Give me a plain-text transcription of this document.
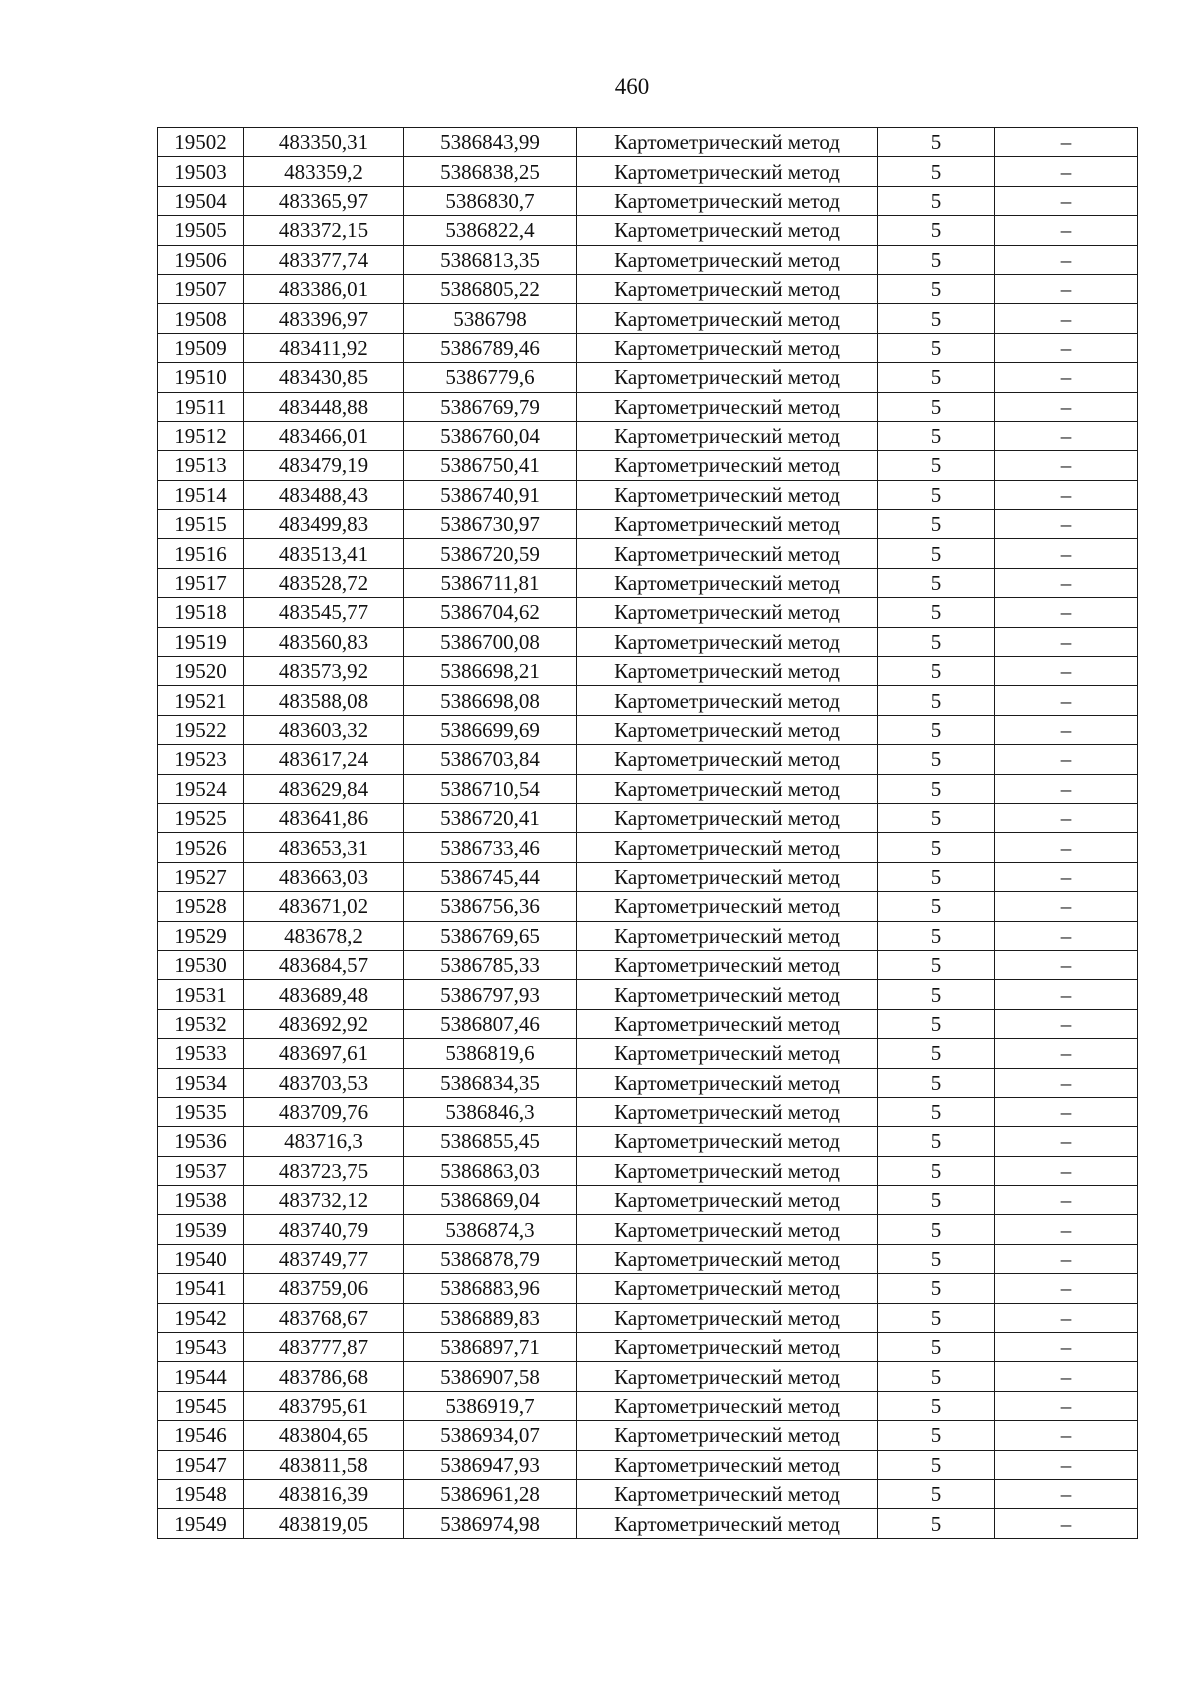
460
19502	483350,31	5386843,99	Картометрический метод	5	–
19503	483359,2	5386838,25	Картометрический метод	5	–
19504	483365,97	5386830,7	Картометрический метод	5	–
19505	483372,15	5386822,4	Картометрический метод	5	–
19506	483377,74	5386813,35	Картометрический метод	5	–
19507	483386,01	5386805,22	Картометрический метод	5	–
19508	483396,97	5386798	Картометрический метод	5	–
19509	483411,92	5386789,46	Картометрический метод	5	–
19510	483430,85	5386779,6	Картометрический метод	5	–
19511	483448,88	5386769,79	Картометрический метод	5	–
19512	483466,01	5386760,04	Картометрический метод	5	–
19513	483479,19	5386750,41	Картометрический метод	5	–
19514	483488,43	5386740,91	Картометрический метод	5	–
19515	483499,83	5386730,97	Картометрический метод	5	–
19516	483513,41	5386720,59	Картометрический метод	5	–
19517	483528,72	5386711,81	Картометрический метод	5	–
19518	483545,77	5386704,62	Картометрический метод	5	–
19519	483560,83	5386700,08	Картометрический метод	5	–
19520	483573,92	5386698,21	Картометрический метод	5	–
19521	483588,08	5386698,08	Картометрический метод	5	–
19522	483603,32	5386699,69	Картометрический метод	5	–
19523	483617,24	5386703,84	Картометрический метод	5	–
19524	483629,84	5386710,54	Картометрический метод	5	–
19525	483641,86	5386720,41	Картометрический метод	5	–
19526	483653,31	5386733,46	Картометрический метод	5	–
19527	483663,03	5386745,44	Картометрический метод	5	–
19528	483671,02	5386756,36	Картометрический метод	5	–
19529	483678,2	5386769,65	Картометрический метод	5	–
19530	483684,57	5386785,33	Картометрический метод	5	–
19531	483689,48	5386797,93	Картометрический метод	5	–
19532	483692,92	5386807,46	Картометрический метод	5	–
19533	483697,61	5386819,6	Картометрический метод	5	–
19534	483703,53	5386834,35	Картометрический метод	5	–
19535	483709,76	5386846,3	Картометрический метод	5	–
19536	483716,3	5386855,45	Картометрический метод	5	–
19537	483723,75	5386863,03	Картометрический метод	5	–
19538	483732,12	5386869,04	Картометрический метод	5	–
19539	483740,79	5386874,3	Картометрический метод	5	–
19540	483749,77	5386878,79	Картометрический метод	5	–
19541	483759,06	5386883,96	Картометрический метод	5	–
19542	483768,67	5386889,83	Картометрический метод	5	–
19543	483777,87	5386897,71	Картометрический метод	5	–
19544	483786,68	5386907,58	Картометрический метод	5	–
19545	483795,61	5386919,7	Картометрический метод	5	–
19546	483804,65	5386934,07	Картометрический метод	5	–
19547	483811,58	5386947,93	Картометрический метод	5	–
19548	483816,39	5386961,28	Картометрический метод	5	–
19549	483819,05	5386974,98	Картометрический метод	5	–
